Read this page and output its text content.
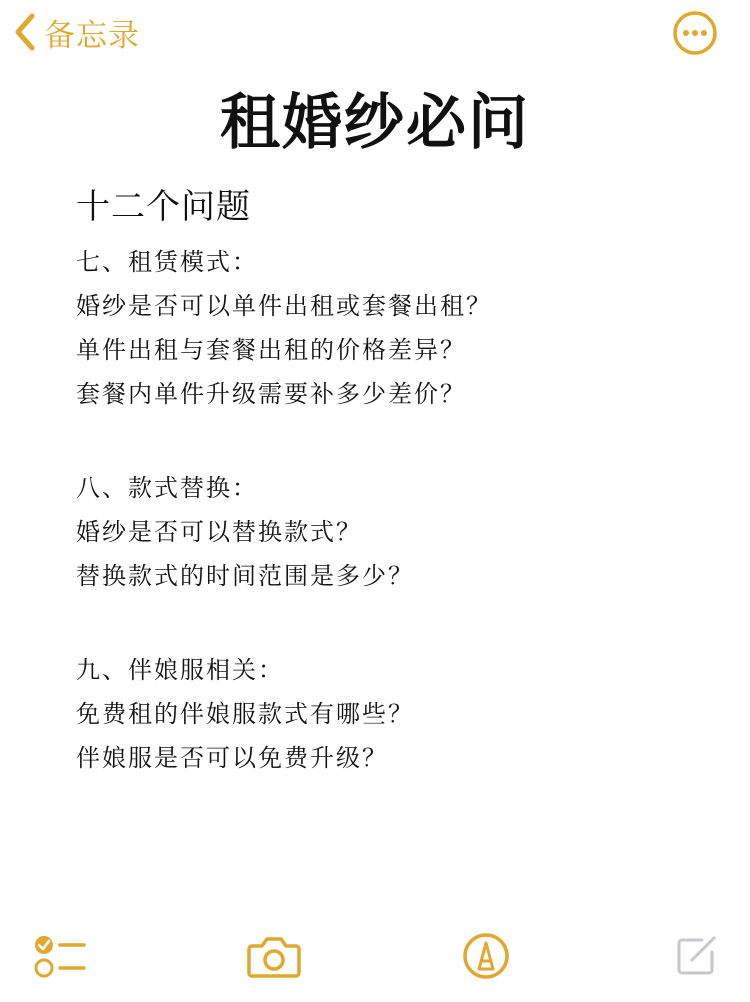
备忘录
租婚纱必问
十二个问题
七、租赁模式：
婚纱是否可以单件出租或套餐出租？
单件出租与套餐出租的价格差异？
套餐内单件升级需要补多少差价？
八、款式替换：
婚纱是否可以替换款式？
替换款式的时间范围是多少？
九、伴娘服相关：
免费租的伴娘服款式有哪些？
伴娘服是否可以免费升级？
